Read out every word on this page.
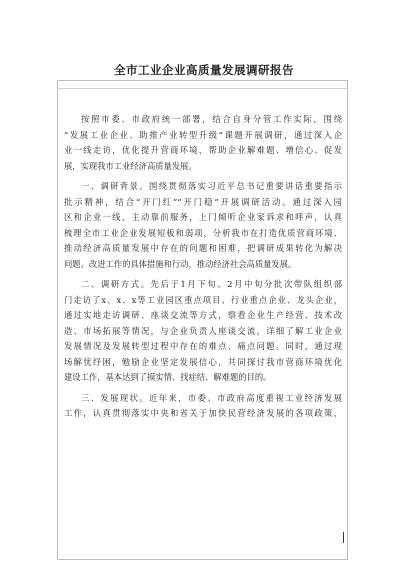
全市工业企业高质量发展调研报告
按照市委、市政府统一部署，结合自身分管工作实际，围绕
“发展工业企业、助推产业转型升级”课题开展调研，通过深入企
业一线走访，优化提升营商环境，帮助企业解难题、增信心、促发
展，实现我市工业经济高质量发展。
一、调研背景。围绕贯彻落实习近平总书记重要讲话重要指示
批示精神，结合“开门红”“开门稳”开展调研活动。通过深入园
区和企业一线，主动靠前服务，上门倾听企业家诉求和呼声，认真
梳理全市工业企业发展短板和弱项，分析我市在打造优质营商环境、
推动经济高质量发展中存在的问题和困难，把调研成果转化为解决
问题、改进工作的具体措施和行动，推动经济社会高质量发展。
二、调研方式。先后于1月下旬、2月中旬分批次带队组织部
门走访了x、x、x等工业园区重点项目、行业重点企业、龙头企业，
通过实地走访调研、座谈交流等方式，察看企业生产经营、技术改
造、市场拓展等情况，与企业负责人座谈交流，详细了解工业企业
发展情况及发展转型过程中存在的难点、痛点问题。同时，通过现
场解忧纾困，勉励企业坚定发展信心，共同探讨我市营商环境优化
建设工作，基本达到了摸实情、找症结、解难题的目的。
三、发展现状。近年来，市委、市政府高度重视工业经济发展
工作，认真贯彻落实中央和省关于加快民营经济发展的各项政策，
